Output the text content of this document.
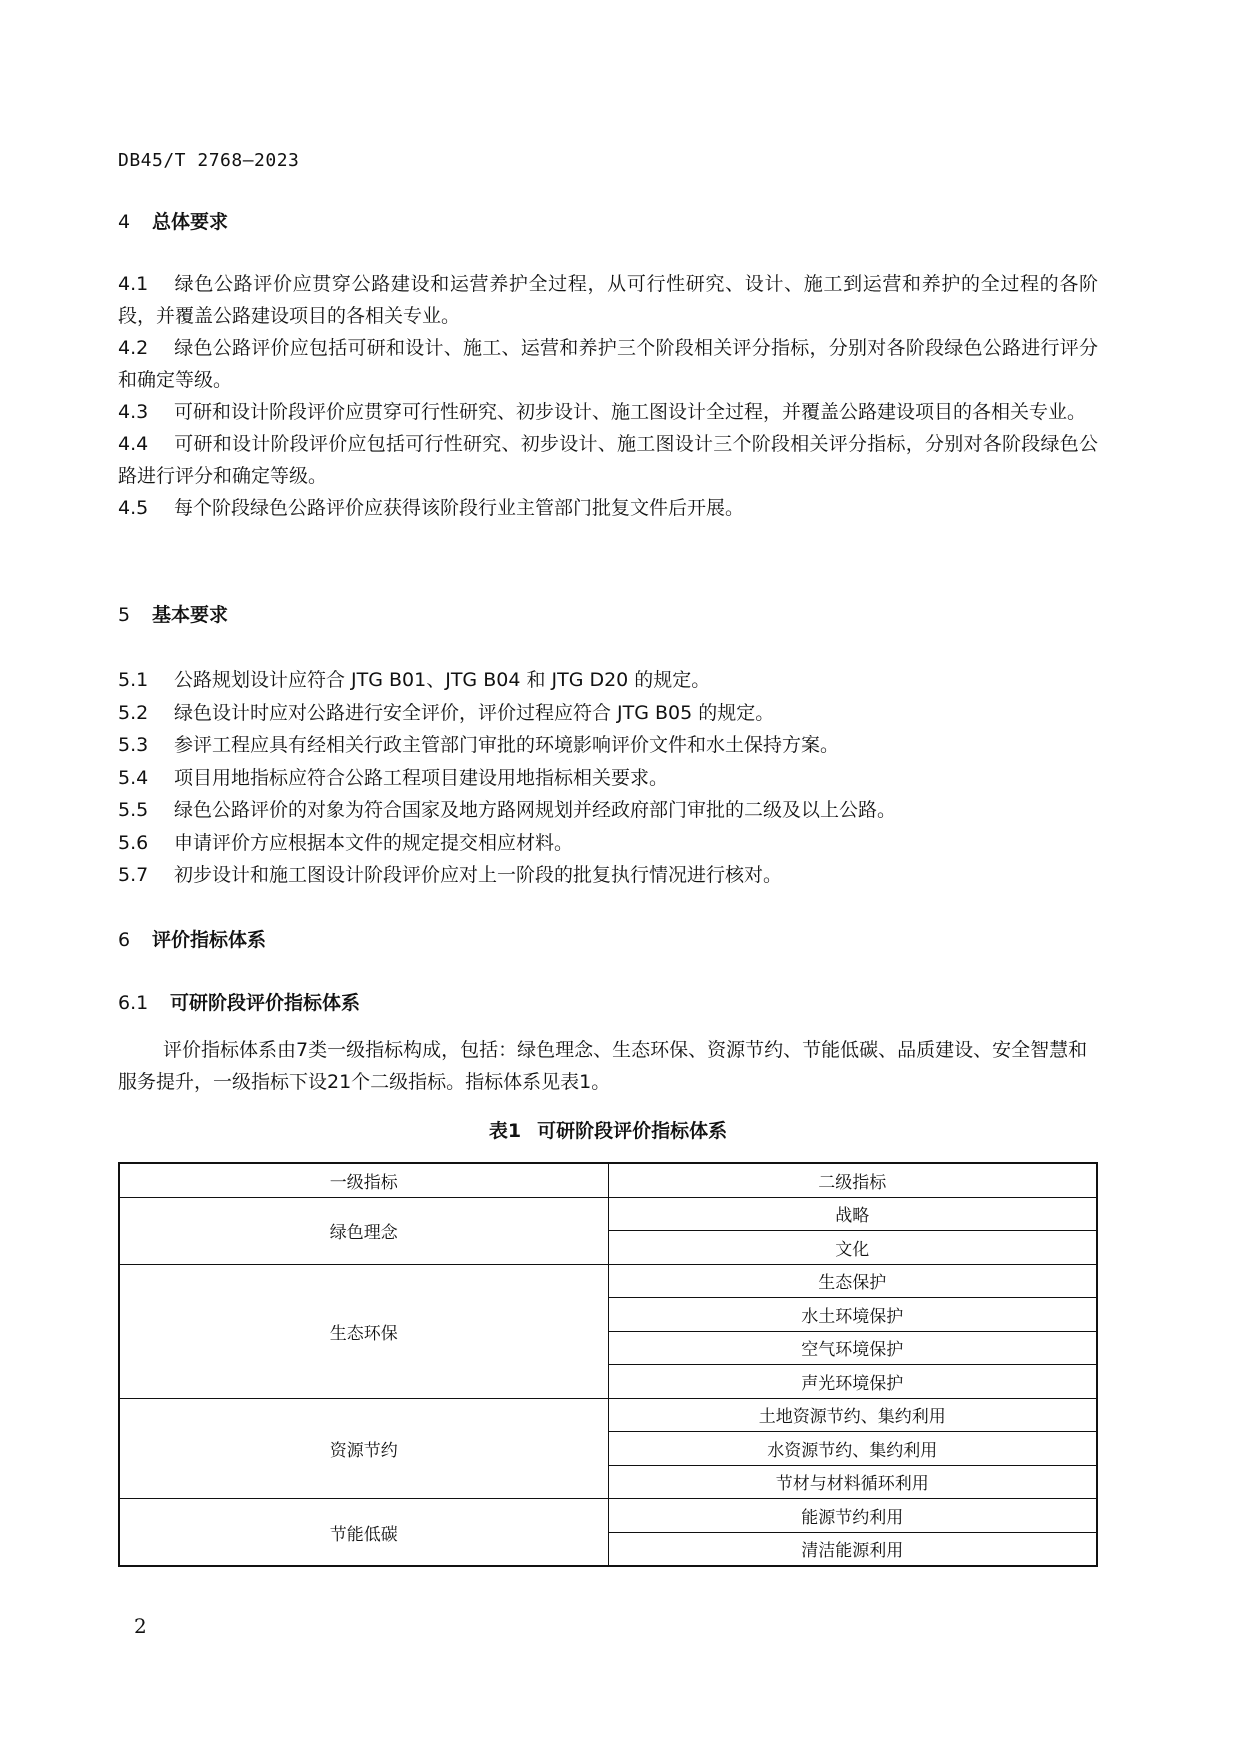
DB45/T 2768—2023
4 总体要求
4.1 绿色公路评价应贯穿公路建设和运营养护全过程，从可行性研究、设计、施工到运营和养护的全过程的各阶段，并覆盖公路建设项目的各相关专业。
4.2 绿色公路评价应包括可研和设计、施工、运营和养护三个阶段相关评分指标，分别对各阶段绿色公路进行评分和确定等级。
4.3 可研和设计阶段评价应贯穿可行性研究、初步设计、施工图设计全过程，并覆盖公路建设项目的各相关专业。
4.4 可研和设计阶段评价应包括可行性研究、初步设计、施工图设计三个阶段相关评分指标，分别对各阶段绿色公路进行评分和确定等级。
4.5 每个阶段绿色公路评价应获得该阶段行业主管部门批复文件后开展。
5 基本要求
5.1 公路规划设计应符合 JTG B01、JTG B04 和 JTG D20 的规定。
5.2 绿色设计时应对公路进行安全评价，评价过程应符合 JTG B05 的规定。
5.3 参评工程应具有经相关行政主管部门审批的环境影响评价文件和水土保持方案。
5.4 项目用地指标应符合公路工程项目建设用地指标相关要求。
5.5 绿色公路评价的对象为符合国家及地方路网规划并经政府部门审批的二级及以上公路。
5.6 申请评价方应根据本文件的规定提交相应材料。
5.7 初步设计和施工图设计阶段评价应对上一阶段的批复执行情况进行核对。
6 评价指标体系
6.1 可研阶段评价指标体系

评价指标体系由7类一级指标构成，包括：绿色理念、生态环保、资源节约、节能低碳、品质建设、安全智慧和服务提升，一级指标下设21个二级指标。指标体系见表1。

表1 可研阶段评价指标体系
一级指标	二级指标
绿色理念	战略
	文化
生态环保	生态保护
	水土环境保护
	空气环境保护
	声光环境保护
资源节约	土地资源节约、集约利用
	水资源节约、集约利用
	节材与材料循环利用
节能低碳	能源节约利用
	清洁能源利用
2
